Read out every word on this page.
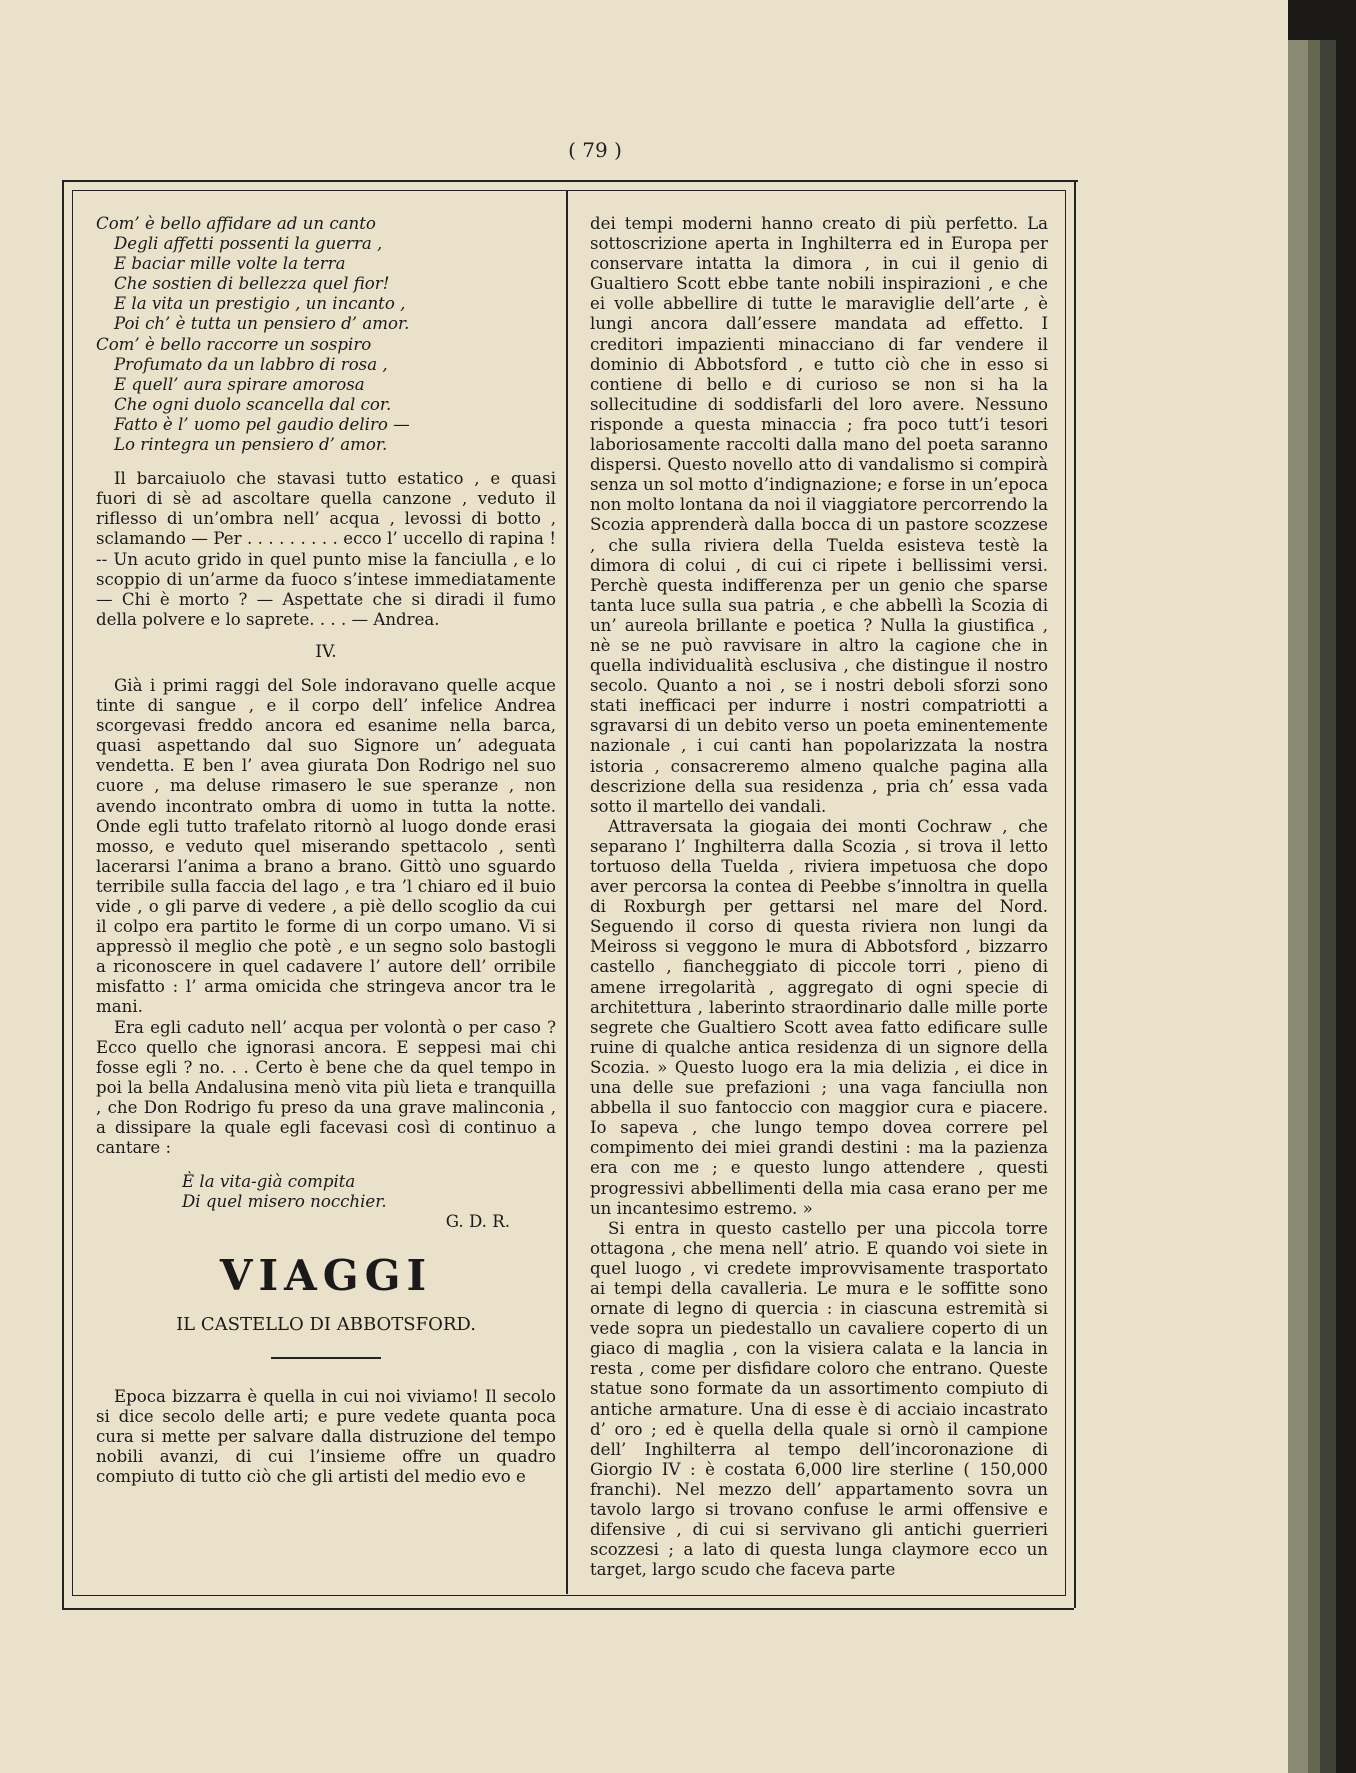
( 79 )
Com’ è bello affidare ad un canto
Degli affetti possenti la guerra ,
E baciar mille volte la terra
Che sostien di bellezza quel fior!
E la vita un prestigio , un incanto ,
Poi ch’ è tutta un pensiero d’ amor.
Com’ è bello raccorre un sospiro
Profumato da un labbro di rosa ,
E quell’ aura spirare amorosa
Che ogni duolo scancella dal cor.
Fatto è l’ uomo pel gaudio deliro —
Lo rintegra un pensiero d’ amor.

Il barcaiuolo che stavasi tutto estatico , e quasi fuori di sè ad ascoltare quella canzone , veduto il riflesso di un’ombra nell’ acqua , levossi di botto , sclamando — Per . . . . . . . . . ecco l’ uccello di rapina ! -- Un acuto grido in quel punto mise la fanciulla , e lo scoppio di un’arme da fuoco s’intese immediatamente — Chi è morto ? — Aspettate che si diradi il fumo della polvere e lo saprete. . . . — Andrea.

IV.

Già i primi raggi del Sole indoravano quelle acque tinte di sangue , e il corpo dell’ infelice Andrea scorgevasi freddo ancora ed esanime nella barca, quasi aspettando dal suo Signore un’ adeguata vendetta. E ben l’ avea giurata Don Rodrigo nel suo cuore , ma deluse rimasero le sue speranze , non avendo incontrato ombra di uomo in tutta la notte. Onde egli tutto trafelato ritornò al luogo donde erasi mosso, e veduto quel miserando spettacolo , sentì lacerarsi l’anima a brano a brano. Gittò uno sguardo terribile sulla faccia del lago , e tra ’l chiaro ed il buio vide , o gli parve di vedere , a piè dello scoglio da cui il colpo era partito le forme di un corpo umano. Vi si appressò il meglio che potè , e un segno solo bastogli a riconoscere in quel cadavere l’ autore dell’ orribile misfatto : l’ arma omicida che stringeva ancor tra le mani.

Era egli caduto nell’ acqua per volontà o per caso ? Ecco quello che ignorasi ancora. E seppesi mai chi fosse egli ? no. . . Certo è bene che da quel tempo in poi la bella Andalusina menò vita più lieta e tranquilla , che Don Rodrigo fu preso da una grave malinconia , a dissipare la quale egli facevasi così di continuo a cantare :

È la vita-già compita
Di quel misero nocchier.
G. D. R.
VIAGGI
IL CASTELLO DI ABBOTSFORD.

Epoca bizzarra è quella in cui noi viviamo! Il secolo si dice secolo delle arti; e pure vedete quanta poca cura si mette per salvare dalla distruzione del tempo nobili avanzi, di cui l’insieme offre un quadro compiuto di tutto ciò che gli artisti del medio evo e

dei tempi moderni hanno creato di più perfetto. La sottoscrizione aperta in Inghilterra ed in Europa per conservare intatta la dimora , in cui il genio di Gualtiero Scott ebbe tante nobili inspirazioni , e che ei volle abbellire di tutte le maraviglie dell’arte , è lungi ancora dall’essere mandata ad effetto. I creditori impazienti minacciano di far vendere il dominio di Abbotsford , e tutto ciò che in esso si contiene di bello e di curioso se non si ha la sollecitudine di soddisfarli del loro avere. Nessuno risponde a questa minaccia ; fra poco tutt’i tesori laboriosamente raccolti dalla mano del poeta saranno dispersi. Questo novello atto di vandalismo si compirà senza un sol motto d’indignazione; e forse in un’epoca non molto lontana da noi il viaggiatore percorrendo la Scozia apprenderà dalla bocca di un pastore scozzese , che sulla riviera della Tuelda esisteva testè la dimora di colui , di cui ci ripete i bellissimi versi. Perchè questa indifferenza per un genio che sparse tanta luce sulla sua patria , e che abbellì la Scozia di un’ aureola brillante e poetica ? Nulla la giustifica , nè se ne può ravvisare in altro la cagione che in quella individualità esclusiva , che distingue il nostro secolo. Quanto a noi , se i nostri deboli sforzi sono stati inefficaci per indurre i nostri compatriotti a sgravarsi di un debito verso un poeta eminentemente nazionale , i cui canti han popolarizzata la nostra istoria , consacreremo almeno qualche pagina alla descrizione della sua residenza , pria ch’ essa vada sotto il martello dei vandali.

Attraversata la giogaia dei monti Cochraw , che separano l’ Inghilterra dalla Scozia , si trova il letto tortuoso della Tuelda , riviera impetuosa che dopo aver percorsa la contea di Peebbe s’innoltra in quella di Roxburgh per gettarsi nel mare del Nord. Seguendo il corso di questa riviera non lungi da Meiross si veggono le mura di Abbotsford , bizzarro castello , fiancheggiato di piccole torri , pieno di amene irregolarità , aggregato di ogni specie di architettura , laberinto straordinario dalle mille porte segrete che Gualtiero Scott avea fatto edificare sulle ruine di qualche antica residenza di un signore della Scozia. » Questo luogo era la mia delizia , ei dice in una delle sue prefazioni ; una vaga fanciulla non abbella il suo fantoccio con maggior cura e piacere. Io sapeva , che lungo tempo dovea correre pel compimento dei miei grandi destini : ma la pazienza era con me ; e questo lungo attendere , questi progressivi abbellimenti della mia casa erano per me un incantesimo estremo. »

Si entra in questo castello per una piccola torre ottagona , che mena nell’ atrio. E quando voi siete in quel luogo , vi credete improvvisamente trasportato ai tempi della cavalleria. Le mura e le soffitte sono ornate di legno di quercia : in ciascuna estremità si vede sopra un piedestallo un cavaliere coperto di un giaco di maglia , con la visiera calata e la lancia in resta , come per disfidare coloro che entrano. Queste statue sono formate da un assortimento compiuto di antiche armature. Una di esse è di acciaio incastrato d’ oro ; ed è quella della quale si ornò il campione dell’ Inghilterra al tempo dell’incoronazione di Giorgio IV : è costata 6,000 lire sterline ( 150,000 franchi). Nel mezzo dell’ appartamento sovra un tavolo largo si trovano confuse le armi offensive e difensive , di cui si servivano gli antichi guerrieri scozzesi ; a lato di questa lunga claymore ecco un target, largo scudo che faceva parte
